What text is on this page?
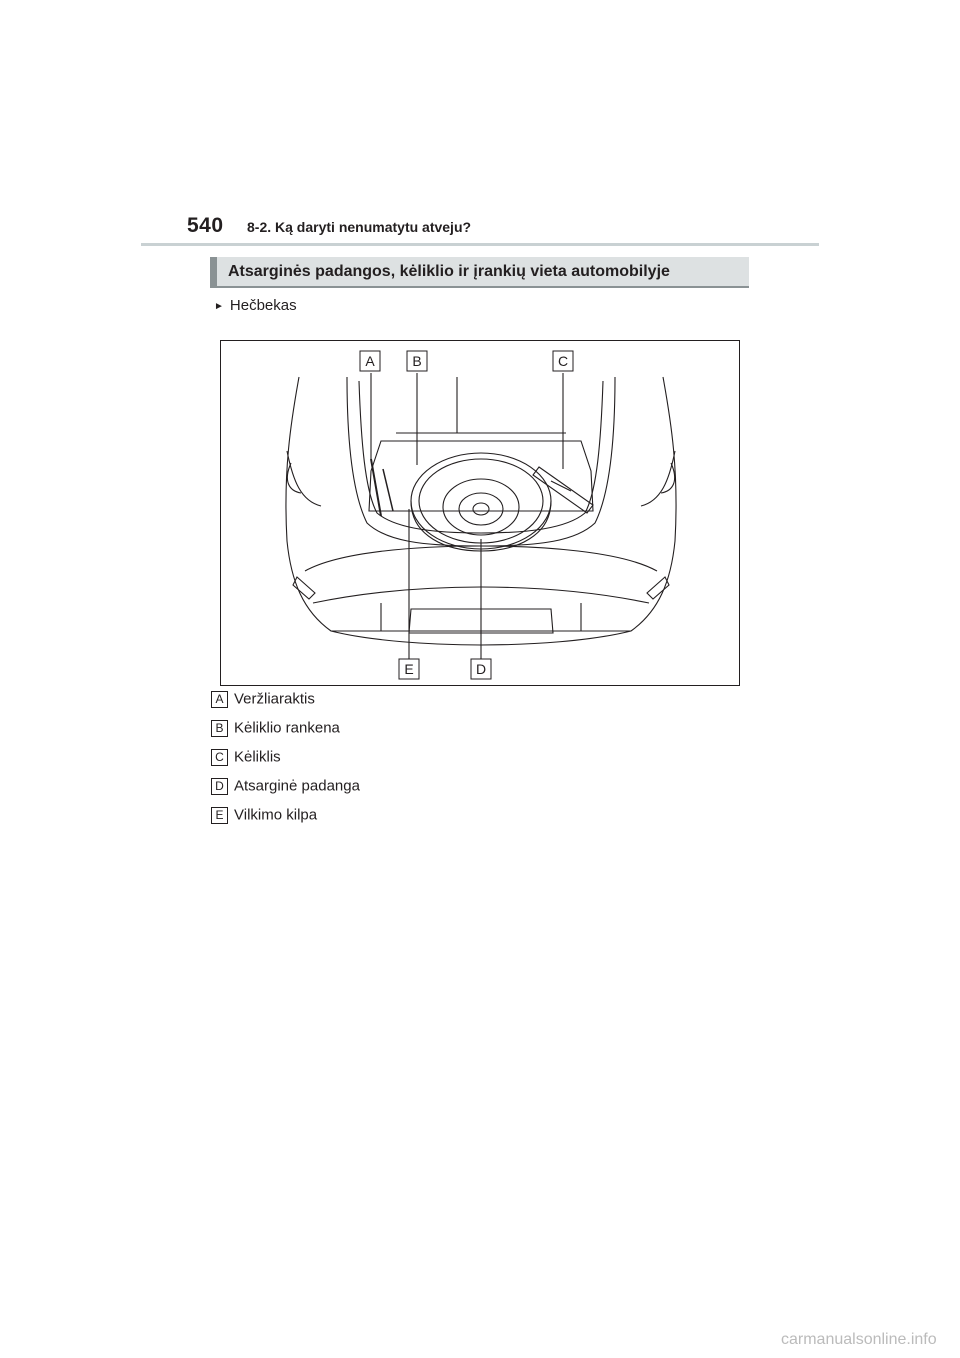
540 8-2. Ką daryti nenumatytu atveju?
Atsarginės padangos, kėliklio ir įrankių vieta automobilyje
► Hečbekas
A	B	C
E	D
A Veržliaraktis
B Kėliklio rankena
C Kėliklis
D Atsarginė padanga
E Vilkimo kilpa
carmanualsonline.info
